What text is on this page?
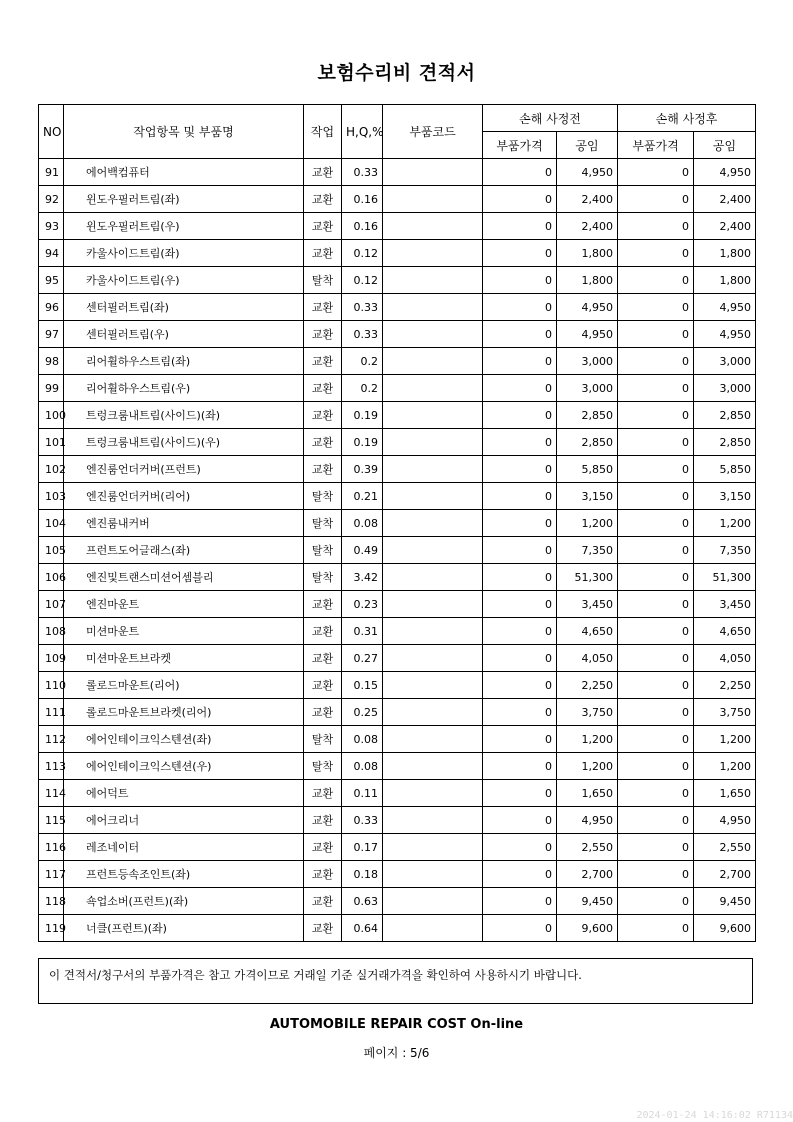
보험수리비 견적서
NO	작업항목 및 부품명	작업	H,Q,%	부품코드	손해 사정전		손해 사정후	
					부품가격	공임	부품가격	공임
91	에어백컴퓨터	교환	0.33		0	4,950	0	4,950
92	윈도우필러트림(좌)	교환	0.16		0	2,400	0	2,400
93	윈도우필러트림(우)	교환	0.16		0	2,400	0	2,400
94	카울사이드트림(좌)	교환	0.12		0	1,800	0	1,800
95	카울사이드트림(우)	탈착	0.12		0	1,800	0	1,800
96	센터필러트림(좌)	교환	0.33		0	4,950	0	4,950
97	센터필러트림(우)	교환	0.33		0	4,950	0	4,950
98	리어휠하우스트림(좌)	교환	0.2		0	3,000	0	3,000
99	리어휠하우스트림(우)	교환	0.2		0	3,000	0	3,000
100	트렁크룸내트림(사이드)(좌)	교환	0.19		0	2,850	0	2,850
101	트렁크룸내트림(사이드)(우)	교환	0.19		0	2,850	0	2,850
102	엔진룸언더커버(프런트)	교환	0.39		0	5,850	0	5,850
103	엔진룸언더커버(리어)	탈착	0.21		0	3,150	0	3,150
104	엔진룸내커버	탈착	0.08		0	1,200	0	1,200
105	프런트도어글래스(좌)	탈착	0.49		0	7,350	0	7,350
106	엔진및트랜스미션어셈블리	탈착	3.42		0	51,300	0	51,300
107	엔진마운트	교환	0.23		0	3,450	0	3,450
108	미션마운트	교환	0.31		0	4,650	0	4,650
109	미션마운트브라켓	교환	0.27		0	4,050	0	4,050
110	롤로드마운트(리어)	교환	0.15		0	2,250	0	2,250
111	롤로드마운트브라켓(리어)	교환	0.25		0	3,750	0	3,750
112	에어인테이크익스텐션(좌)	탈착	0.08		0	1,200	0	1,200
113	에어인테이크익스텐션(우)	탈착	0.08		0	1,200	0	1,200
114	에어덕트	교환	0.11		0	1,650	0	1,650
115	에어크리너	교환	0.33		0	4,950	0	4,950
116	레조네이터	교환	0.17		0	2,550	0	2,550
117	프런트등속조인트(좌)	교환	0.18		0	2,700	0	2,700
118	쇽업소버(프런트)(좌)	교환	0.63		0	9,450	0	9,450
119	너클(프런트)(좌)	교환	0.64		0	9,600	0	9,600
이 견적서/청구서의 부품가격은 참고 가격이므로 거래일 기준 실거래가격을 확인하여 사용하시기 바랍니다.
AUTOMOBILE REPAIR COST On-line
페이지 : 5/6
2024-01-24 14:16:02 R71134
